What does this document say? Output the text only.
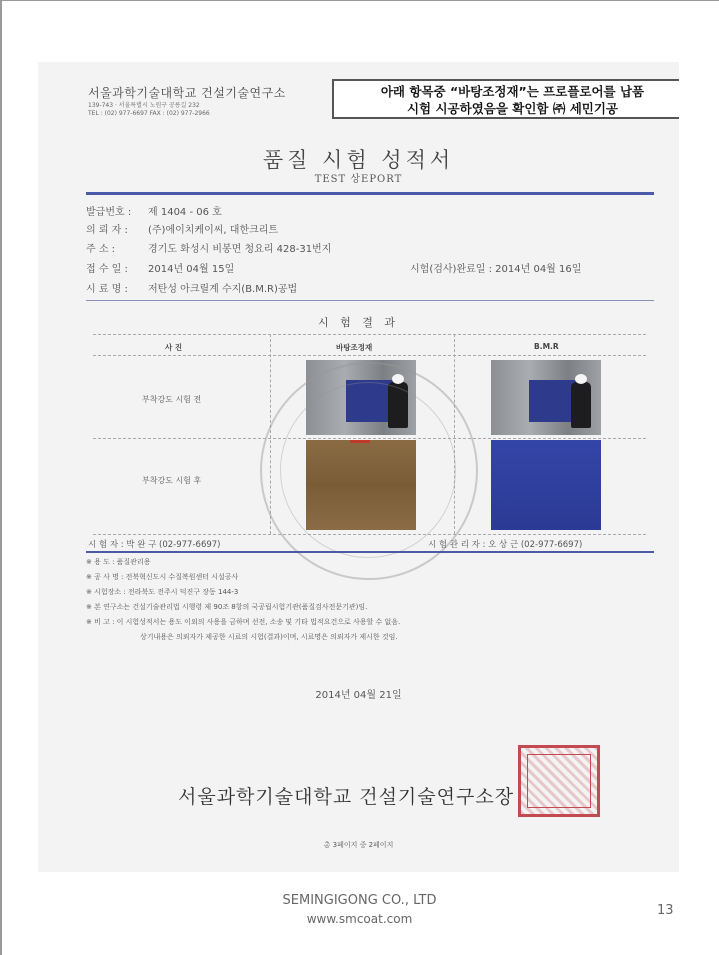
서울과학기술대학교 건설기술연구소
139-743 · 서울특별시 노원구 공릉길 232
TEL : (02) 977-6697 FAX : (02) 977-2966
아래 항목중 “바탕조정재”는 프로플로어를 납품
시험 시공하였음을 확인함 ㈜ 세민기공
품질 시험 성적서
TEST 상EPORT
발급번호 : 제 1404 - 06 호
의 뢰 자 : (주)에이치케이씨, 대한크리트
주 소 :	경기도 화성시 비봉면 청요리 428-31번지
접 수 일 : 2014년 04월 15일	시험(검사)완료일 : 2014년 04월 16일
시 료 명 : 저탄성 아크릴계 수지(B.M.R)공법
시 험 결 과
사 진	바탕조정재	B.M.R
부착강도 시험 전
부착강도 시험 후
시 험 자 : 박 완 구 (02-977-6697)	시 험 관 리 자 : 오 상 근 (02-977-6697)
※ 용 도 : 품질관리용
※ 공 사 명 : 전북혁신도시 수질복원센터 시설공사
※ 시험장소 : 전라북도 전주시 덕진구 장동 144-3
※ 본 연구소는 건설기술관리법 시행령 제 90조 8항의 국공립시험기관(품질검사전문기관)임.
※ 비 고 : 이 시험성적서는 용도 이외의 사용을 금하며 선전, 소송 및 기타 법적요건으로 사용할 수 없음.
상기내용은 의뢰자가 제공한 시료의 시험(결과)이며, 시료명은 의뢰자가 제시한 것임.
2014년 04월 21일
서울과학기술대학교 건설기술연구소장
총 3페이지 중 2페이지
SEMINGIGONG CO., LTD
www.smcoat.com
13
